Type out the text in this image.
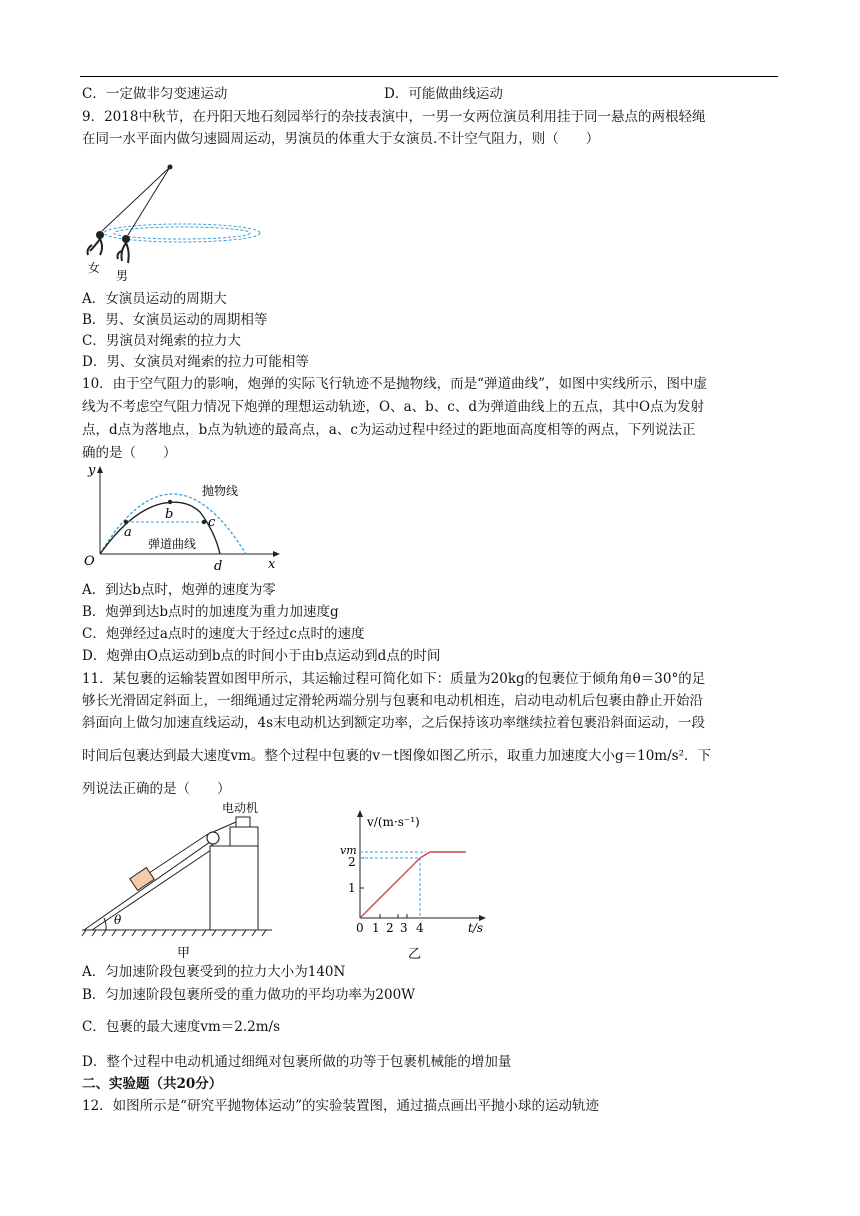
C．一定做非匀变速运动	D．可能做曲线运动
9．2018中秋节，在丹阳天地石刻园举行的杂技表演中，一男一女两位演员利用挂于同一悬点的两根轻绳
在同一水平面内做匀速圆周运动，男演员的体重大于女演员.不计空气阻力，则（　　）
女
男
A．女演员运动的周期大
B．男、女演员运动的周期相等
C．男演员对绳索的拉力大
D．男、女演员对绳索的拉力可能相等
10．由于空气阻力的影响，炮弹的实际飞行轨迹不是抛物线，而是“弹道曲线”，如图中实线所示，图中虚
线为不考虑空气阻力情况下炮弹的理想运动轨迹，O、a、b、c、d为弹道曲线上的五点，其中O点为发射
点，d点为落地点，b点为轨迹的最高点，a、c为运动过程中经过的距地面高度相等的两点，下列说法正
确的是（　　）
y
x
O
a
b
c
d
抛物线
弹道曲线
A．到达b点时，炮弹的速度为零
B．炮弹到达b点时的加速度为重力加速度g
C．炮弹经过a点时的速度大于经过c点时的速度
D．炮弹由O点运动到b点的时间小于由b点运动到d点的时间
11．某包裹的运输装置如图甲所示，其运输过程可简化如下：质量为20kg的包裹位于倾角角θ＝30°的足
够长光滑固定斜面上，一细绳通过定滑轮两端分别与包裹和电动机相连，启动电动机后包裹由静止开始沿
斜面向上做匀加速直线运动，4s末电动机达到额定功率，之后保持该功率继续拉着包裹沿斜面运动，一段
时间后包裹达到最大速度vm。整个过程中包裹的v－t图像如图乙所示，取重力加速度大小g＝10m/s²．下
列说法正确的是（　　）
θ
电动机
甲
v/(m·s⁻¹)
vm
1
2
0 1 2 3 4	t/s
乙
A．匀加速阶段包裹受到的拉力大小为140N
B．匀加速阶段包裹所受的重力做功的平均功率为200W
C．包裹的最大速度vm＝2.2m/s
D．整个过程中电动机通过细绳对包裹所做的功等于包裹机械能的增加量
二、实验题（共20分）
12．如图所示是“研究平抛物体运动”的实验装置图，通过描点画出平抛小球的运动轨迹
